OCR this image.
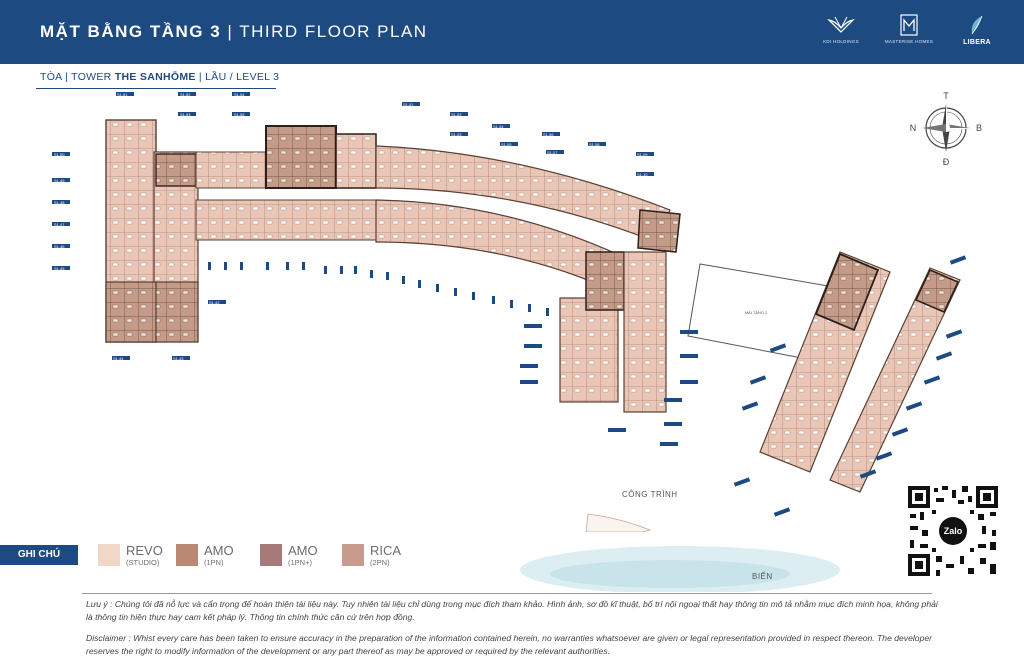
MẶT BẰNG TẦNG 3 | THIRD FLOOR PLAN
KDI HOLDINGS	MASTERISE HOMES	LIBERA
TÒA | TOWER THE SANHŌME | LẦU / LEVEL 3
T
N	B
Đ
MÁI TẦNG 2
S1.51	S1.52
S1.53
S1.54
S1.55
S1.50
S1.49
S1.48
S1.47
S1.46
S1.45
S1.44	S1.43
S1.42
S1.01
S1.02
S1.03
S1.04
S1.05
S1.06
S1.07
S1.08
S1.09
S1.10
CÔNG TRÌNH
BIỂN
GHI CHÚ	REVO
(STUDIO)
AMO
(1PN)
AMO
(1PN+)
RICA
(2PN)
Zalo
Lưu ý : Chúng tôi đã nỗ lực và cẩn trọng để hoàn thiện tài liệu này. Tuy nhiên tài liệu chỉ dùng trong mục đích tham khảo. Hình ảnh, sơ đồ kĩ thuật, bố trí nội ngoại thất hay thông tin mô tả nhằm mục đích minh họa, không phải là thông tin hiện thực hay cam kết pháp lý. Thông tin chính thức căn cứ trên hợp đồng.
Disclaimer : Whist every care has been taken to ensure accuracy in the preparation of the information contained herein, no warranties whatsoever are given or legal representation provided in respect thereon. The developer reserves the right to modify information of the development or any part thereof as may be approved or required by the relevant authorities.
